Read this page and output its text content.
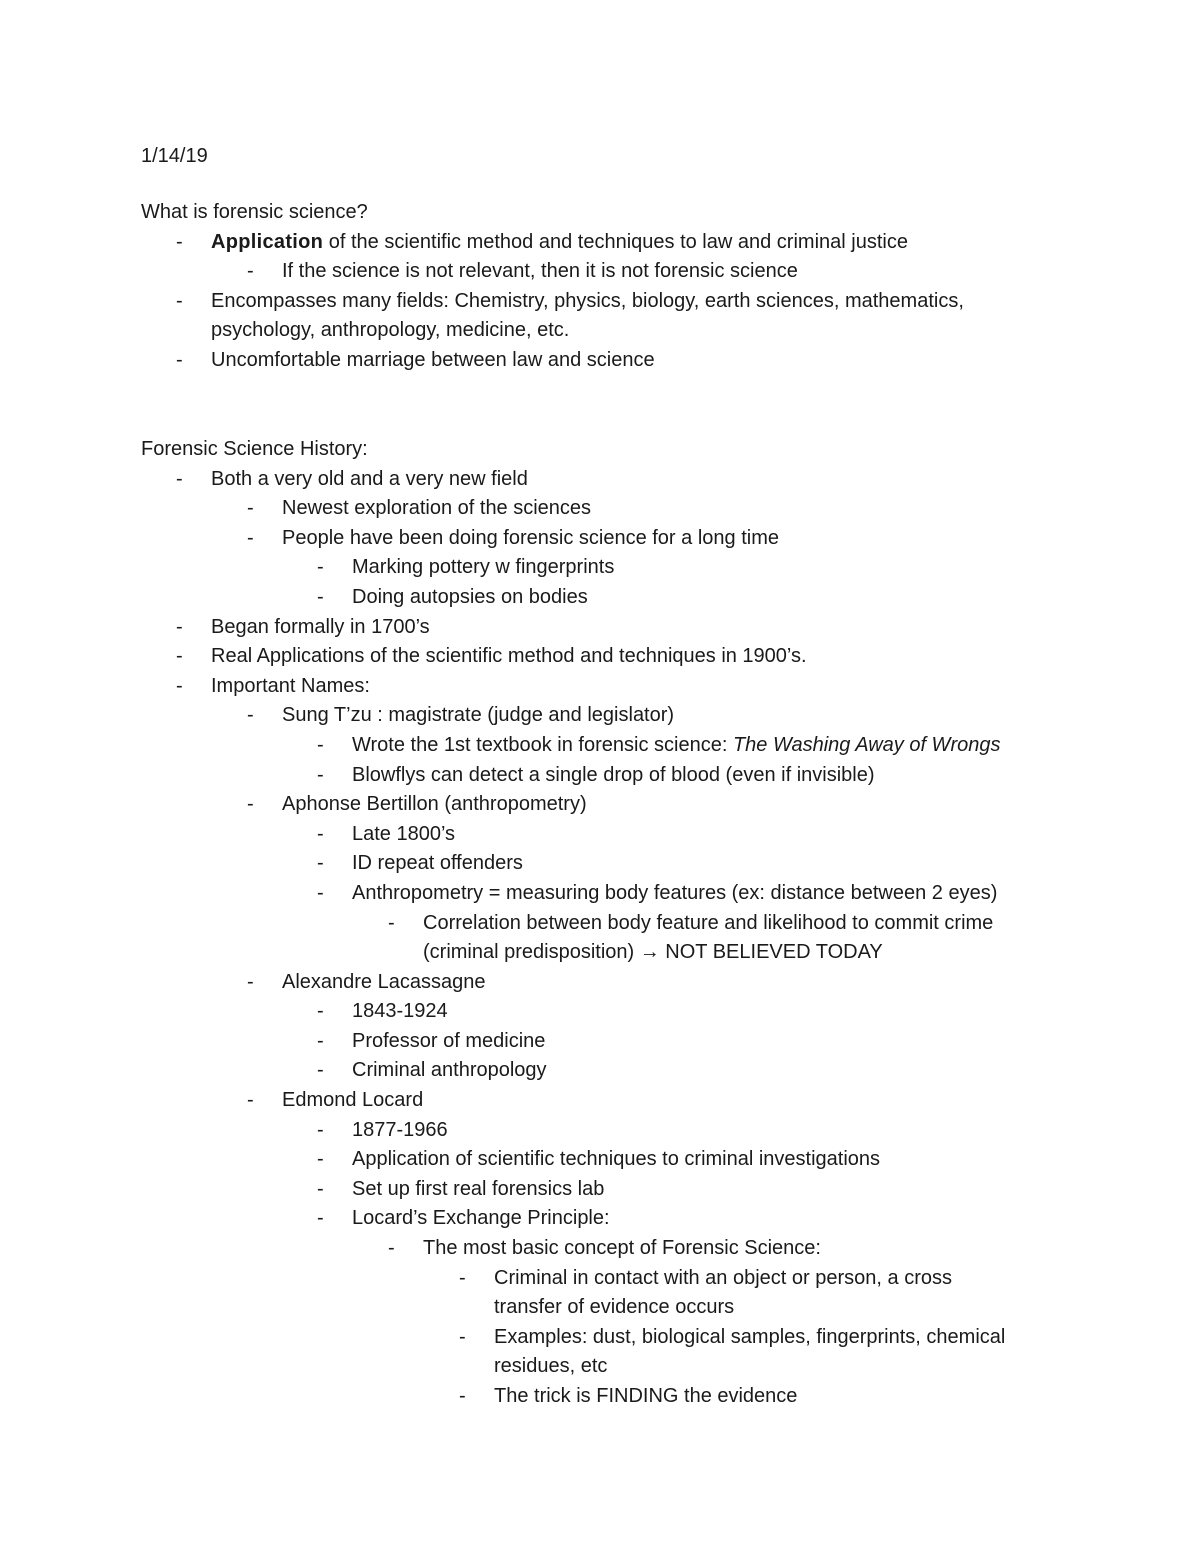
1/14/19
What is forensic science?
- Application of the scientific method and techniques to law and criminal justice
- If the science is not relevant, then it is not forensic science
- Encompasses many fields: Chemistry, physics, biology, earth sciences, mathematics, psychology, anthropology, medicine, etc.
- Uncomfortable marriage between law and science
Forensic Science History:
- Both a very old and a very new field
- Newest exploration of the sciences
- People have been doing forensic science for a long time
- Marking pottery w fingerprints
- Doing autopsies on bodies
- Began formally in 1700’s
- Real Applications of the scientific method and techniques in 1900’s.
- Important Names:
- Sung T’zu : magistrate (judge and legislator)
- Wrote the 1st textbook in forensic science: The Washing Away of Wrongs
- Blowflys can detect a single drop of blood (even if invisible)
- Aphonse Bertillon (anthropometry)
- Late 1800’s
- ID repeat offenders
- Anthropometry = measuring body features (ex: distance between 2 eyes)
- Correlation between body feature and likelihood to commit crime (criminal predisposition) → NOT BELIEVED TODAY
- Alexandre Lacassagne
- 1843-1924
- Professor of medicine
- Criminal anthropology
- Edmond Locard
- 1877-1966
- Application of scientific techniques to criminal investigations
- Set up first real forensics lab
- Locard’s Exchange Principle:
- The most basic concept of Forensic Science:
- Criminal in contact with an object or person, a cross transfer of evidence occurs
- Examples: dust, biological samples, fingerprints, chemical residues, etc
- The trick is FINDING the evidence
